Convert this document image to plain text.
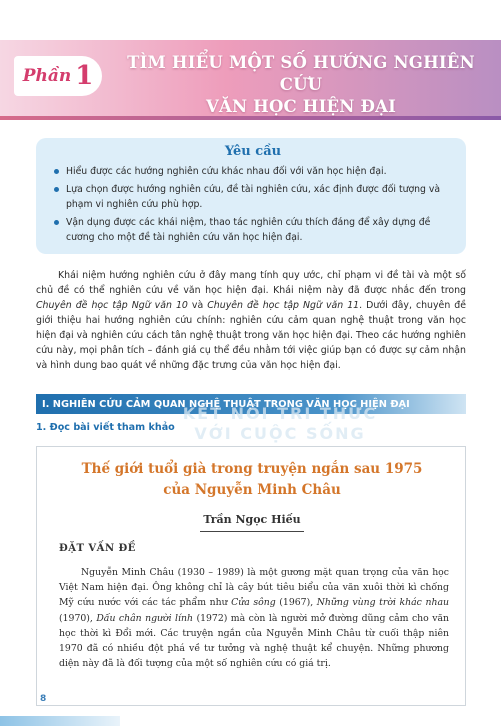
Phần 1	TÌM HIỂU MỘT SỐ HƯỚNG NGHIÊN CỨU
VĂN HỌC HIỆN ĐẠI
Yêu cầu
Hiểu được các hướng nghiên cứu khác nhau đối với văn học hiện đại.
Lựa chọn được hướng nghiên cứu, đề tài nghiên cứu, xác định được đối tượng và phạm vi nghiên cứu phù hợp.
Vận dụng được các khái niệm, thao tác nghiên cứu thích đáng để xây dựng đề cương cho một đề tài nghiên cứu văn học hiện đại.

Khái niệm hướng nghiên cứu ở đây mang tính quy ước, chỉ phạm vi đề tài và một số chủ đề có thể nghiên cứu về văn học hiện đại. Khái niệm này đã được nhắc đến trong Chuyên đề học tập Ngữ văn 10 và Chuyên đề học tập Ngữ văn 11. Dưới đây, chuyên đề giới thiệu hai hướng nghiên cứu chính: nghiên cứu cảm quan nghệ thuật trong văn học hiện đại và nghiên cứu cách tân nghệ thuật trong văn học hiện đại. Theo các hướng nghiên cứu này, mọi phân tích – đánh giá cụ thể đều nhằm tới việc giúp bạn có được sự cảm nhận và hình dung bao quát về những đặc trưng của văn học hiện đại.

I. NGHIÊN CỨU CẢM QUAN NGHỆ THUẬT TRONG VĂN HỌC HIỆN ĐẠI
KẾT NỐI TRI THỨC
VỚI CUỘC SỐNG
1. Đọc bài viết tham khảo
Thế giới tuổi già trong truyện ngắn sau 1975
của Nguyễn Minh Châu
Trần Ngọc Hiếu
ĐẶT VẤN ĐỀ

Nguyễn Minh Châu (1930 – 1989) là một gương mặt quan trọng của văn học Việt Nam hiện đại. Ông không chỉ là cây bút tiêu biểu của văn xuôi thời kì chống Mỹ cứu nước với các tác phẩm như Cửa sông (1967), Những vùng trời khác nhau (1970), Dấu chân người lính (1972) mà còn là người mở đường dũng cảm cho văn học thời kì Đổi mới. Các truyện ngắn của Nguyễn Minh Châu từ cuối thập niên 1970 đã có nhiều đột phá về tư tưởng và nghệ thuật kể chuyện. Những phương diện này đã là đối tượng của một số nghiên cứu có giá trị.

8
